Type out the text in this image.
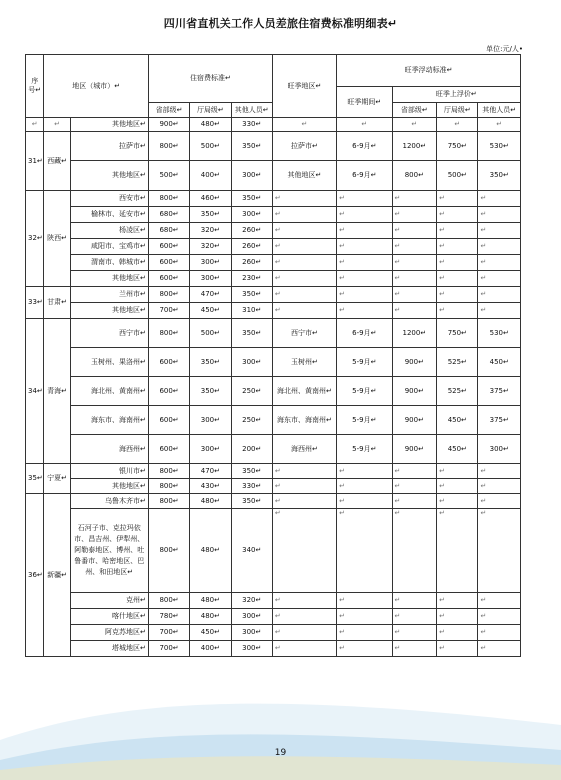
四川省直机关工作人员差旅住宿费标准明细表↵
单位:元/人•
序号↵	地区（城市）↵		住宿费标准↵			旺季地区↵	旺季浮动标准↵			
							旺季期间↵	旺季上浮价↵		
			省部级↵	厅局级↵	其他人员↵			省部级↵	厅局级↵	其他人员↵
↵	↵	其他地区↵	900↵	480↵	330↵	↵	↵	↵	↵	↵
31↵	西藏↵	拉萨市↵	800↵	500↵	350↵	拉萨市↵	6-9月↵	1200↵	750↵	530↵
		其他地区↵	500↵	400↵	300↵	其他地区↵	6-9月↵	800↵	500↵	350↵
32↵	陕西↵	西安市↵	800↵	460↵	350↵	↵	↵	↵	↵	↵
		榆林市、延安市↵	680↵	350↵	300↵	↵	↵	↵	↵	↵
		杨凌区↵	680↵	320↵	260↵	↵	↵	↵	↵	↵
		咸阳市、宝鸡市↵	600↵	320↵	260↵	↵	↵	↵	↵	↵
		渭南市、韩城市↵	600↵	300↵	260↵	↵	↵	↵	↵	↵
		其他地区↵	600↵	300↵	230↵	↵	↵	↵	↵	↵
33↵	甘肃↵	兰州市↵	800↵	470↵	350↵	↵	↵	↵	↵	↵
		其他地区↵	700↵	450↵	310↵	↵	↵	↵	↵	↵
34↵	青海↵	西宁市↵	800↵	500↵	350↵	西宁市↵	6-9月↵	1200↵	750↵	530↵
		玉树州、果洛州↵	600↵	350↵	300↵	玉树州↵	5-9月↵	900↵	525↵	450↵
		海北州、黄南州↵	600↵	350↵	250↵	海北州、黄南州↵	5-9月↵	900↵	525↵	375↵
		海东市、海南州↵	600↵	300↵	250↵	海东市、海南州↵	5-9月↵	900↵	450↵	375↵
		海西州↵	600↵	300↵	200↵	海西州↵	5-9月↵	900↵	450↵	300↵
35↵	宁夏↵	银川市↵	800↵	470↵	350↵	↵	↵	↵	↵	↵
		其他地区↵	800↵	430↵	330↵	↵	↵	↵	↵	↵
36↵	新疆↵	乌鲁木齐市↵	800↵	480↵	350↵	↵	↵	↵	↵	↵
		石河子市、克拉玛依市、昌吉州、伊犁州、阿勒泰地区、博州、吐鲁番市、哈密地区、巴州、和田地区↵	800↵	480↵	340↵	↵	↵	↵	↵	↵
		克州↵	800↵	480↵	320↵	↵	↵	↵	↵	↵
		喀什地区↵	780↵	480↵	300↵	↵	↵	↵	↵	↵
		阿克苏地区↵	700↵	450↵	300↵	↵	↵	↵	↵	↵
		塔城地区↵	700↵	400↵	300↵	↵	↵	↵	↵	↵
19
